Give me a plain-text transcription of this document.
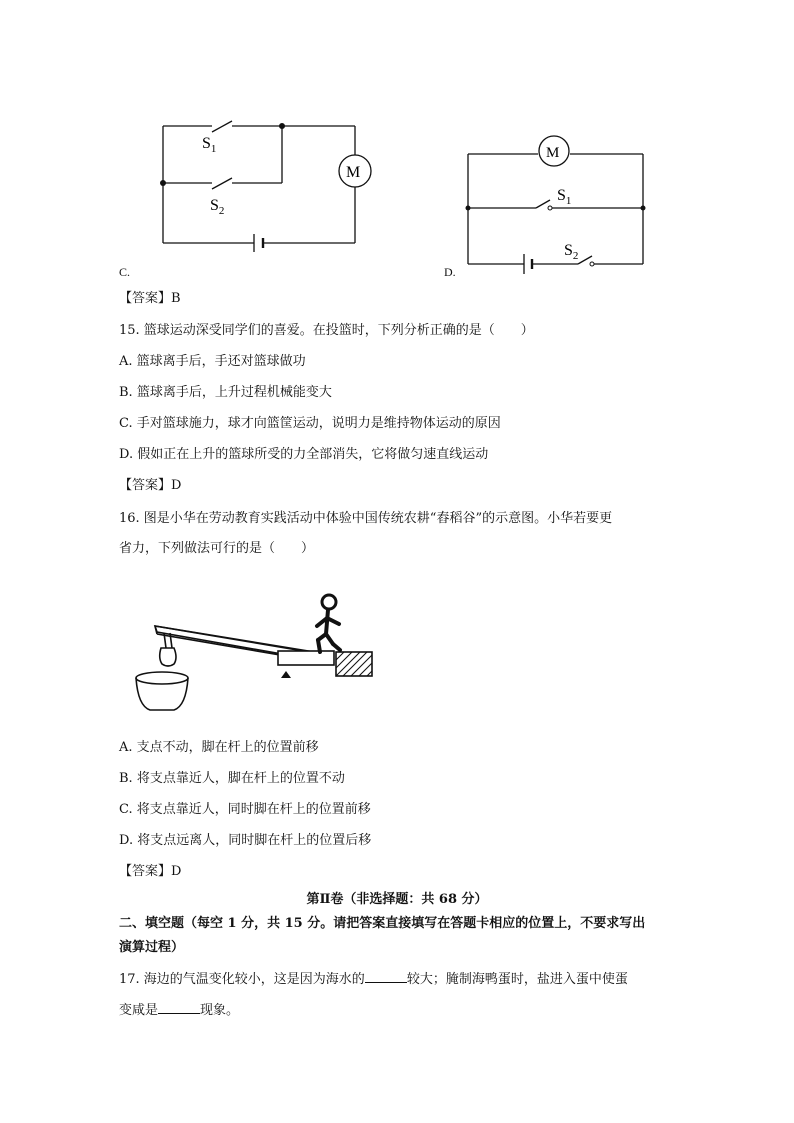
M
$S_1$
$S_2$
C.
M
$S_1$
$S_2$
D.
【答案】B
15. 篮球运动深受同学们的喜爱。在投篮时，下列分析正确的是（　　）
A. 篮球离手后，手还对篮球做功
B. 篮球离手后，上升过程机械能变大
C. 手对篮球施力，球才向篮筐运动，说明力是维持物体运动的原因
D. 假如正在上升的篮球所受的力全部消失，它将做匀速直线运动
【答案】D
16. 图是小华在劳动教育实践活动中体验中国传统农耕“舂稻谷”的示意图。小华若要更
省力，下列做法可行的是（　　）
A. 支点不动，脚在杆上的位置前移
B. 将支点靠近人，脚在杆上的位置不动
C. 将支点靠近人，同时脚在杆上的位置前移
D. 将支点远离人，同时脚在杆上的位置后移
【答案】D
第Ⅱ卷（非选择题：共 68 分）
二、填空题（每空 1 分，共 15 分。请把答案直接填写在答题卡相应的位置上，不要求写出
演算过程）
17. 海边的气温变化较小，这是因为海水的	较大；腌制海鸭蛋时，盐进入蛋中使蛋
变咸是	现象。
